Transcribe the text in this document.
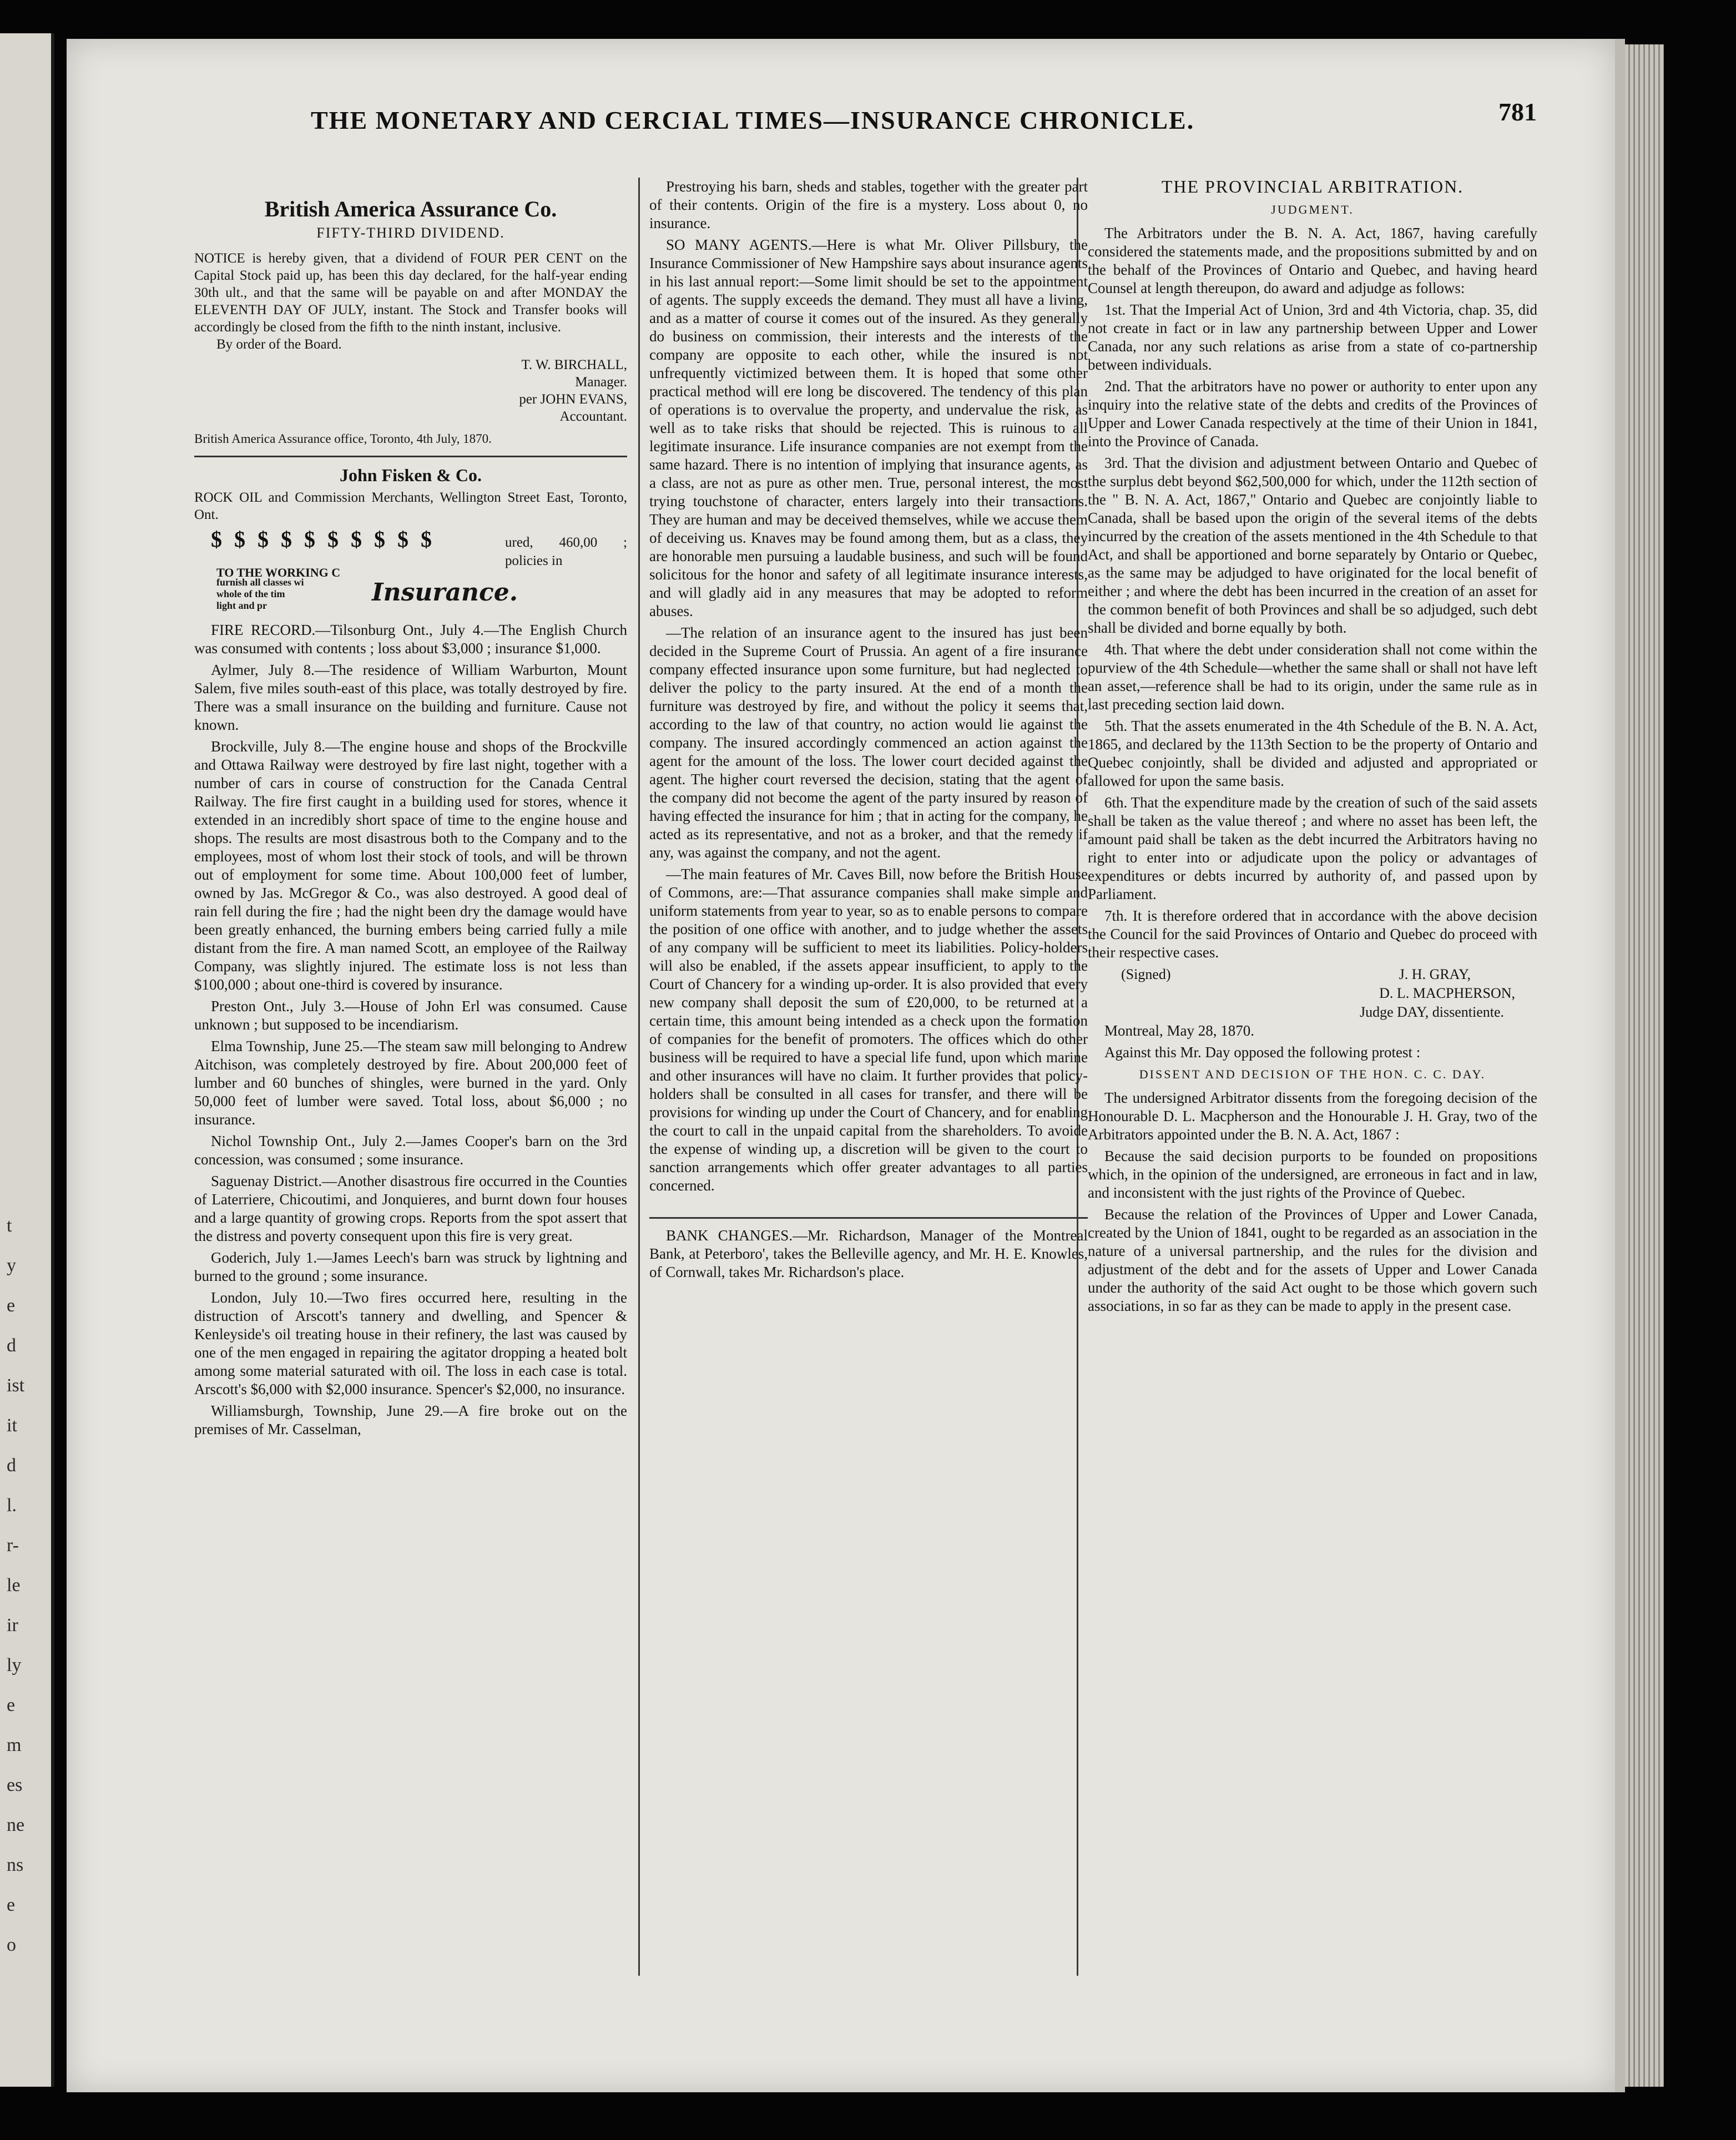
t
y
e
d
ist
it
d
l.
r-
le
ir
ly
e
m
es
ne
ns
e
o
THE MONETARY AND CERCIAL TIMES—INSURANCE CHRONICLE.	781
British America Assurance Co.
FIFTY-THIRD DIVIDEND.
NOTICE is hereby given, that a dividend of FOUR PER CENT on the Capital Stock paid up, has been this day declared, for the half-year ending 30th ult., and that the same will be payable on and after MONDAY the ELEVENTH DAY OF JULY, instant. The Stock and Transfer books will accordingly be closed from the fifth to the ninth instant, inclusive.
By order of the Board.
T. W. BIRCHALL,
Manager.
per JOHN EVANS,
Accountant.
British America Assurance office, Toronto, 4th July, 1870.
John Fisken & Co.
ROCK OIL and Commission Merchants, Wellington Street East, Toronto, Ont.
$ $ $ $ $ $ $ $ $ $	ured, 460,00 ; policies in
TO THE WORKING C
furnish all classes wi
whole of the tim
light and pr	Insurance.

FIRE RECORD.—Tilsonburg Ont., July 4.—The English Church was consumed with contents ; loss about $3,000 ; insurance $1,000.

Aylmer, July 8.—The residence of William Warburton, Mount Salem, five miles south-east of this place, was totally destroyed by fire. There was a small insurance on the building and furniture. Cause not known.

Brockville, July 8.—The engine house and shops of the Brockville and Ottawa Railway were destroyed by fire last night, together with a number of cars in course of construction for the Canada Central Railway. The fire first caught in a building used for stores, whence it extended in an incredibly short space of time to the engine house and shops. The results are most disastrous both to the Company and to the employees, most of whom lost their stock of tools, and will be thrown out of employment for some time. About 100,000 feet of lumber, owned by Jas. McGregor & Co., was also destroyed. A good deal of rain fell during the fire ; had the night been dry the damage would have been greatly enhanced, the burning embers being carried fully a mile distant from the fire. A man named Scott, an employee of the Railway Company, was slightly injured. The estimate loss is not less than $100,000 ; about one-third is covered by insurance.

Preston Ont., July 3.—House of John Erl was consumed. Cause unknown ; but supposed to be incendiarism.

Elma Township, June 25.—The steam saw mill belonging to Andrew Aitchison, was completely destroyed by fire. About 200,000 feet of lumber and 60 bunches of shingles, were burned in the yard. Only 50,000 feet of lumber were saved. Total loss, about $6,000 ; no insurance.

Nichol Township Ont., July 2.—James Cooper's barn on the 3rd concession, was consumed ; some insurance.

Saguenay District.—Another disastrous fire occurred in the Counties of Laterriere, Chicoutimi, and Jonquieres, and burnt down four houses and a large quantity of growing crops. Reports from the spot assert that the distress and poverty consequent upon this fire is very great.

Goderich, July 1.—James Leech's barn was struck by lightning and burned to the ground ; some insurance.

London, July 10.—Two fires occurred here, resulting in the distruction of Arscott's tannery and dwelling, and Spencer & Kenleyside's oil treating house in their refinery, the last was caused by one of the men engaged in repairing the agitator dropping a heated bolt among some material saturated with oil. The loss in each case is total. Arscott's $6,000 with $2,000 insurance. Spencer's $2,000, no insurance.

Williamsburgh, Township, June 29.—A fire broke out on the premises of Mr. Casselman,

Prestroying his barn, sheds and stables, together with the greater part of their contents. Origin of the fire is a mystery. Loss about 0, no insurance.

SO MANY AGENTS.—Here is what Mr. Oliver Pillsbury, the Insurance Commissioner of New Hampshire says about insurance agents in his last annual report:—Some limit should be set to the appointment of agents. The supply exceeds the demand. They must all have a living, and as a matter of course it comes out of the insured. As they generally do business on commission, their interests and the interests of the company are opposite to each other, while the insured is not unfrequently victimized between them. It is hoped that some other practical method will ere long be discovered. The tendency of this plan of operations is to overvalue the property, and undervalue the risk, as well as to take risks that should be rejected. This is ruinous to all legitimate insurance. Life insurance companies are not exempt from the same hazard. There is no intention of implying that insurance agents, as a class, are not as pure as other men. True, personal interest, the most trying touchstone of character, enters largely into their transactions. They are human and may be deceived themselves, while we accuse them of deceiving us. Knaves may be found among them, but as a class, they are honorable men pursuing a laudable business, and such will be found solicitous for the honor and safety of all legitimate insurance interests, and will gladly aid in any measures that may be adopted to reform abuses.

—The relation of an insurance agent to the insured has just been decided in the Supreme Court of Prussia. An agent of a fire insurance company effected insurance upon some furniture, but had neglected to deliver the policy to the party insured. At the end of a month the furniture was destroyed by fire, and without the policy it seems that, according to the law of that country, no action would lie against the company. The insured accordingly commenced an action against the agent for the amount of the loss. The lower court decided against the agent. The higher court reversed the decision, stating that the agent of the company did not become the agent of the party insured by reason of having effected the insurance for him ; that in acting for the company, he acted as its representative, and not as a broker, and that the remedy if any, was against the company, and not the agent.

—The main features of Mr. Caves Bill, now before the British House of Commons, are:—That assurance companies shall make simple and uniform statements from year to year, so as to enable persons to compare the position of one office with another, and to judge whether the assets of any company will be sufficient to meet its liabilities. Policy-holders will also be enabled, if the assets appear insufficient, to apply to the Court of Chancery for a winding up-order. It is also provided that every new company shall deposit the sum of £20,000, to be returned at a certain time, this amount being intended as a check upon the formation of companies for the benefit of promoters. The offices which do other business will be required to have a special life fund, upon which marine and other insurances will have no claim. It further provides that policy-holders shall be consulted in all cases for transfer, and there will be provisions for winding up under the Court of Chancery, and for enabling the court to call in the unpaid capital from the shareholders. To avoide the expense of winding up, a discretion will be given to the court to sanction arrangements which offer greater advantages to all parties concerned.

BANK CHANGES.—Mr. Richardson, Manager of the Montreal Bank, at Peterboro', takes the Belleville agency, and Mr. H. E. Knowles, of Cornwall, takes Mr. Richardson's place.

THE PROVINCIAL ARBITRATION.
JUDGMENT.

The Arbitrators under the B. N. A. Act, 1867, having carefully considered the statements made, and the propositions submitted by and on the behalf of the Provinces of Ontario and Quebec, and having heard Counsel at length thereupon, do award and adjudge as follows:

1st. That the Imperial Act of Union, 3rd and 4th Victoria, chap. 35, did not create in fact or in law any partnership between Upper and Lower Canada, nor any such relations as arise from a state of co-partnership between individuals.

2nd. That the arbitrators have no power or authority to enter upon any inquiry into the relative state of the debts and credits of the Provinces of Upper and Lower Canada respectively at the time of their Union in 1841, into the Province of Canada.

3rd. That the division and adjustment between Ontario and Quebec of the surplus debt beyond $62,500,000 for which, under the 112th section of the " B. N. A. Act, 1867," Ontario and Quebec are conjointly liable to Canada, shall be based upon the origin of the several items of the debts incurred by the creation of the assets mentioned in the 4th Schedule to that Act, and shall be apportioned and borne separately by Ontario or Quebec, as the same may be adjudged to have originated for the local benefit of either ; and where the debt has been incurred in the creation of an asset for the common benefit of both Provinces and shall be so adjudged, such debt shall be divided and borne equally by both.

4th. That where the debt under consideration shall not come within the purview of the 4th Schedule—whether the same shall or shall not have left an asset,—reference shall be had to its origin, under the same rule as in last preceding section laid down.

5th. That the assets enumerated in the 4th Schedule of the B. N. A. Act, 1865, and declared by the 113th Section to be the property of Ontario and Quebec conjointly, shall be divided and adjusted and appropriated or allowed for upon the same basis.

6th. That the expenditure made by the creation of such of the said assets shall be taken as the value thereof ; and where no asset has been left, the amount paid shall be taken as the debt incurred the Arbitrators having no right to enter into or adjudicate upon the policy or advantages of expenditures or debts incurred by authority of, and passed upon by Parliament.

7th. It is therefore ordered that in accordance with the above decision the Council for the said Provinces of Ontario and Quebec do proceed with their respective cases.

(Signed)	J. H. GRAY,
D. L. MACPHERSON,
Judge DAY, dissentiente.

Montreal, May 28, 1870.

Against this Mr. Day opposed the following protest :

DISSENT AND DECISION OF THE HON. C. C. DAY.

The undersigned Arbitrator dissents from the foregoing decision of the Honourable D. L. Macpherson and the Honourable J. H. Gray, two of the Arbitrators appointed under the B. N. A. Act, 1867 :

Because the said decision purports to be founded on propositions which, in the opinion of the undersigned, are erroneous in fact and in law, and inconsistent with the just rights of the Province of Quebec.

Because the relation of the Provinces of Upper and Lower Canada, created by the Union of 1841, ought to be regarded as an association in the nature of a universal partnership, and the rules for the division and adjustment of the debt and for the assets of Upper and Lower Canada under the authority of the said Act ought to be those which govern such associations, in so far as they can be made to apply in the present case.
